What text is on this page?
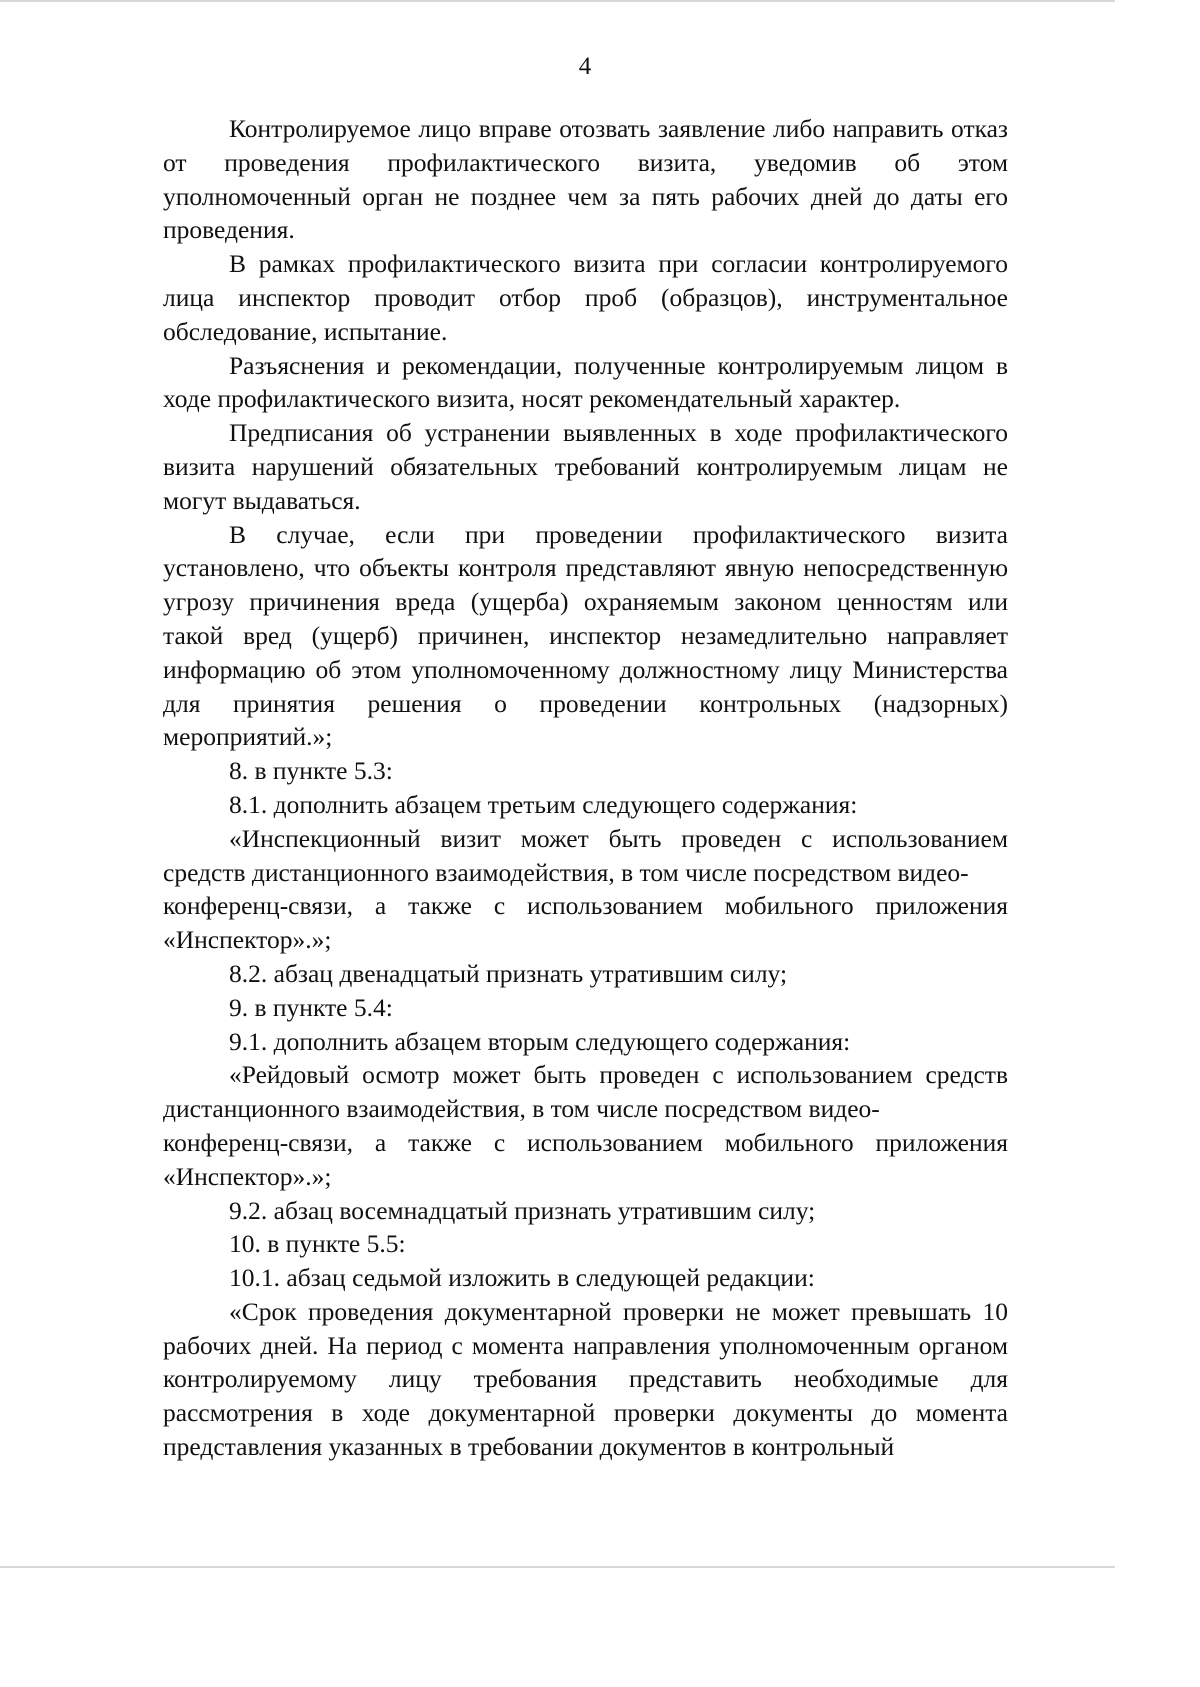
4

Контролируемое лицо вправе отозвать заявление либо направить отказ от проведения профилактического визита, уведомив об этом уполномоченный орган не позднее чем за пять рабочих дней до даты его проведения.

В рамках профилактического визита при согласии контролируемого лица инспектор проводит отбор проб (образцов), инструментальное обследование, испытание.

Разъяснения и рекомендации, полученные контролируемым лицом в ходе профилактического визита, носят рекомендательный характер.

Предписания об устранении выявленных в ходе профилактического визита нарушений обязательных требований контролируемым лицам не могут выдаваться.

В случае, если при проведении профилактического визита установлено, что объекты контроля представляют явную непосредственную угрозу причинения вреда (ущерба) охраняемым законом ценностям или такой вред (ущерб) причинен, инспектор незамедлительно направляет информацию об этом уполномоченному должностному лицу Министерства для принятия решения о проведении контрольных (надзорных) мероприятий.»;

8. в пункте 5.3:

8.1. дополнить абзацем третьим следующего содержания:

«Инспекционный визит может быть проведен с использованием средств дистанционного взаимодействия, в том числе посредством видео-
конференц-связи, а также с использованием мобильного приложения «Инспектор».»;

8.2. абзац двенадцатый признать утратившим силу;

9. в пункте 5.4:

9.1. дополнить абзацем вторым следующего содержания:

«Рейдовый осмотр может быть проведен с использованием средств дистанционного взаимодействия, в том числе посредством видео-
конференц-связи, а также с использованием мобильного приложения «Инспектор».»;

9.2. абзац восемнадцатый признать утратившим силу;

10. в пункте 5.5:

10.1. абзац седьмой изложить в следующей редакции:

«Срок проведения документарной проверки не может превышать 10 рабочих дней. На период с момента направления уполномоченным органом контролируемому лицу требования представить необходимые для рассмотрения в ходе документарной проверки документы до момента представления указанных в требовании документов в контрольный
